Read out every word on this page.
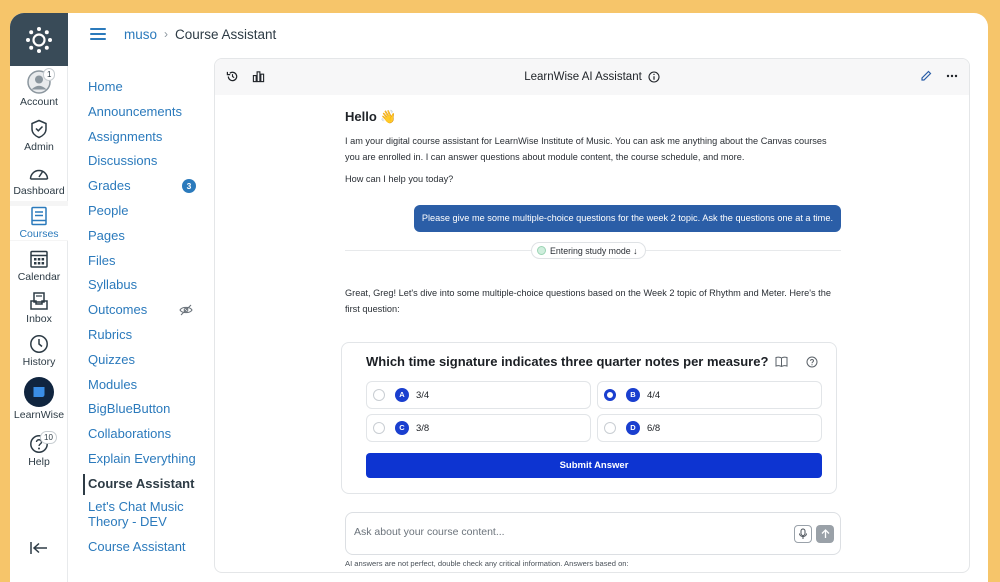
1
Account
Admin
Dashboard
Courses
Calendar
Inbox
History
LearnWise
10
Help
muso › Course Assistant
Home
Announcements
Assignments
Discussions
Grades	3
People
Pages
Files
Syllabus
Outcomes
Rubrics
Quizzes
Modules
BigBlueButton
Collaborations
Explain Everything
Course Assistant
Let's Chat Music Theory - DEV
Course Assistant
LearnWise AI Assistant
Hello 👋

I am your digital course assistant for LearnWise Institute of Music. You can ask me anything about the Canvas courses you are enrolled in. I can answer questions about module content, the course schedule, and more.

How can I help you today?

Please give me some multiple-choice questions for the week 2 topic. Ask the questions one at a time.
Entering study mode ↓

Great, Greg! Let's dive into some multiple-choice questions based on the Week 2 topic of Rhythm and Meter. Here's the first question:

Which time signature indicates three quarter notes per measure?
A	3/4	B	4/4
C	3/8	D	6/8
Submit Answer
Ask about your course content...
AI answers are not perfect, double check any critical information. Answers based on:
